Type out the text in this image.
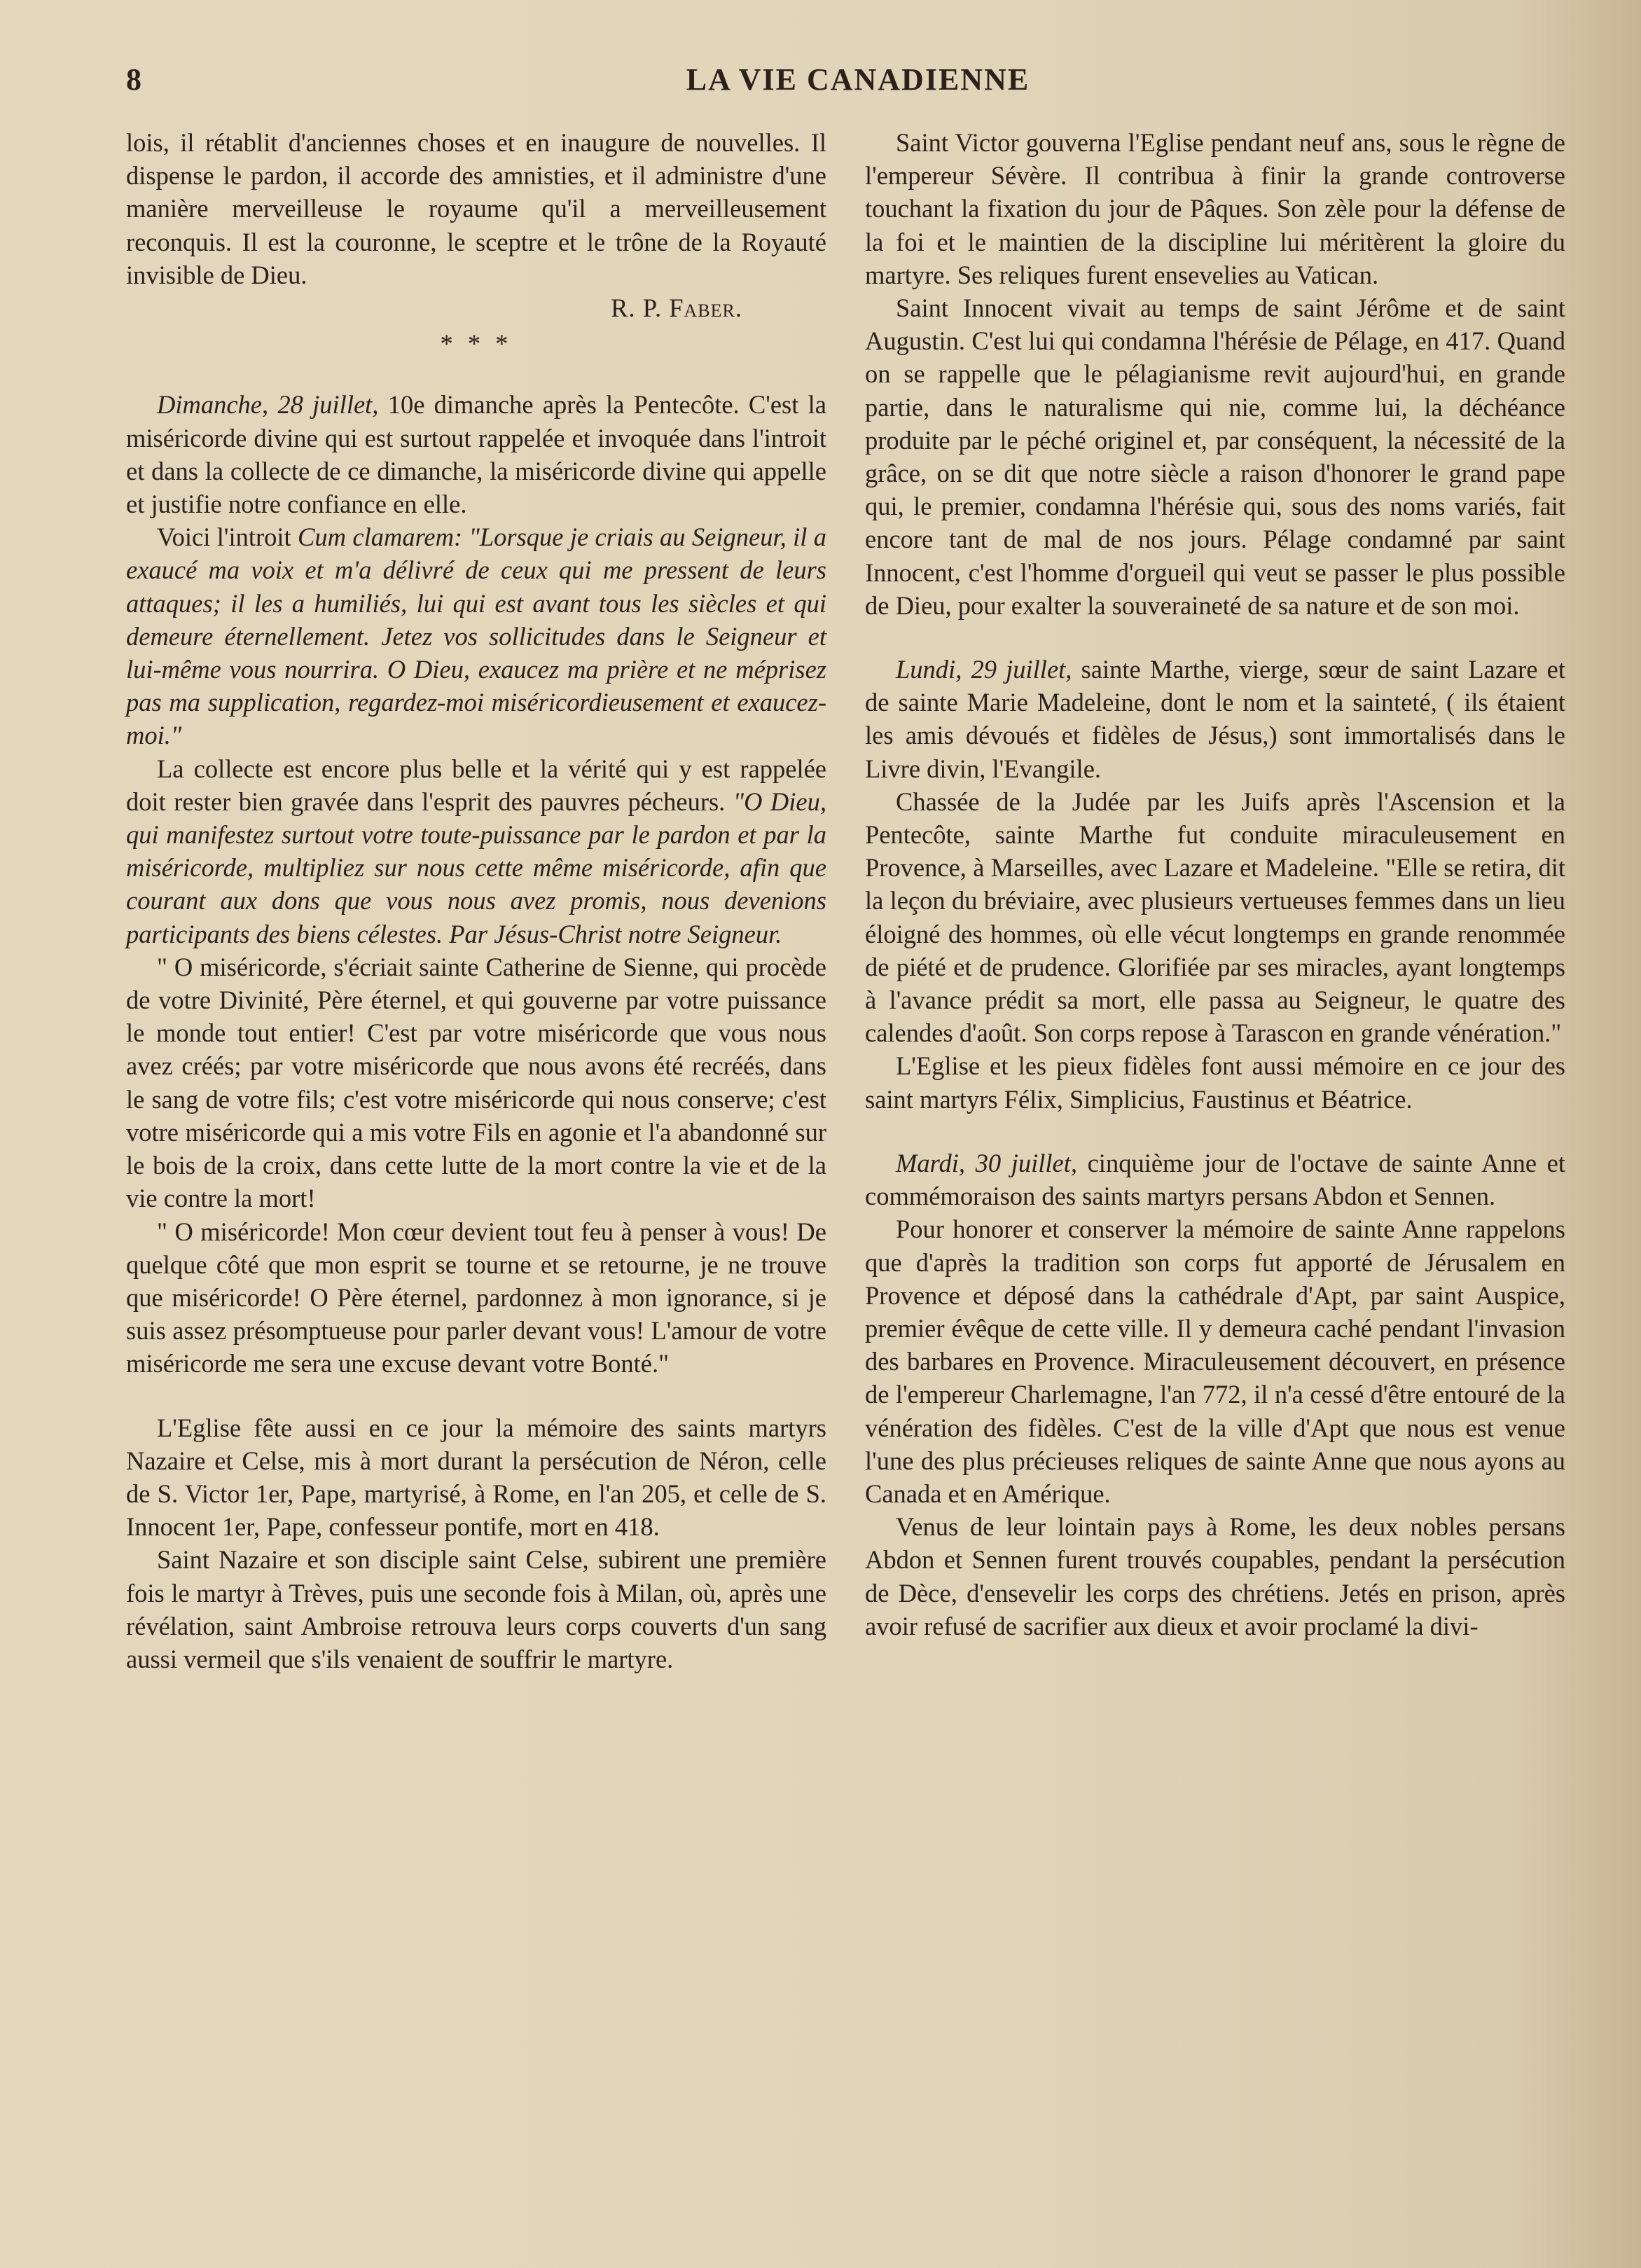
8	LA VIE CANADIENNE

lois, il rétablit d'anciennes choses et en inaugure de nouvelles. Il dispense le pardon, il accorde des amnisties, et il administre d'une manière merveilleuse le royaume qu'il a merveilleusement reconquis. Il est la couronne, le sceptre et le trône de la Royauté invisible de Dieu.

R. P. Faber.

* * *

Dimanche, 28 juillet, 10e dimanche après la Pentecôte. C'est la miséricorde divine qui est surtout rappelée et invoquée dans l'introit et dans la collecte de ce dimanche, la miséricorde divine qui appelle et justifie notre confiance en elle.

Voici l'introit Cum clamarem: "Lorsque je criais au Seigneur, il a exaucé ma voix et m'a délivré de ceux qui me pressent de leurs attaques; il les a humiliés, lui qui est avant tous les siècles et qui demeure éternellement. Jetez vos sollicitudes dans le Seigneur et lui-même vous nourrira. O Dieu, exaucez ma prière et ne méprisez pas ma supplication, regardez-moi miséricordieusement et exaucez-moi."

La collecte est encore plus belle et la vérité qui y est rappelée doit rester bien gravée dans l'esprit des pauvres pécheurs. "O Dieu, qui manifestez surtout votre toute-puissance par le pardon et par la miséricorde, multipliez sur nous cette même miséricorde, afin que courant aux dons que vous nous avez promis, nous devenions participants des biens célestes. Par Jésus-Christ notre Seigneur.

" O miséricorde, s'écriait sainte Catherine de Sienne, qui procède de votre Divinité, Père éternel, et qui gouverne par votre puissance le monde tout entier! C'est par votre miséricorde que vous nous avez créés; par votre miséricorde que nous avons été recréés, dans le sang de votre fils; c'est votre miséricorde qui nous conserve; c'est votre miséricorde qui a mis votre Fils en agonie et l'a abandonné sur le bois de la croix, dans cette lutte de la mort contre la vie et de la vie contre la mort!

" O miséricorde! Mon cœur devient tout feu à penser à vous! De quelque côté que mon esprit se tourne et se retourne, je ne trouve que miséricorde! O Père éternel, pardonnez à mon ignorance, si je suis assez présomptueuse pour parler devant vous! L'amour de votre miséricorde me sera une excuse devant votre Bonté."

L'Eglise fête aussi en ce jour la mémoire des saints martyrs Nazaire et Celse, mis à mort durant la persécution de Néron, celle de S. Victor 1er, Pape, martyrisé, à Rome, en l'an 205, et celle de S. Innocent 1er, Pape, confesseur pontife, mort en 418.

Saint Nazaire et son disciple saint Celse, subirent une première fois le martyr à Trèves, puis une seconde fois à Milan, où, après une révélation, saint Ambroise retrouva leurs corps couverts d'un sang aussi vermeil que s'ils venaient de souffrir le martyre.

Saint Victor gouverna l'Eglise pendant neuf ans, sous le règne de l'empereur Sévère. Il contribua à finir la grande controverse touchant la fixation du jour de Pâques. Son zèle pour la défense de la foi et le maintien de la discipline lui méritèrent la gloire du martyre. Ses reliques furent ensevelies au Vatican.

Saint Innocent vivait au temps de saint Jérôme et de saint Augustin. C'est lui qui condamna l'hérésie de Pélage, en 417. Quand on se rappelle que le pélagianisme revit aujourd'hui, en grande partie, dans le naturalisme qui nie, comme lui, la déchéance produite par le péché originel et, par conséquent, la nécessité de la grâce, on se dit que notre siècle a raison d'honorer le grand pape qui, le premier, condamna l'hérésie qui, sous des noms variés, fait encore tant de mal de nos jours. Pélage condamné par saint Innocent, c'est l'homme d'orgueil qui veut se passer le plus possible de Dieu, pour exalter la souveraineté de sa nature et de son moi.

Lundi, 29 juillet, sainte Marthe, vierge, sœur de saint Lazare et de sainte Marie Madeleine, dont le nom et la sainteté, ( ils étaient les amis dévoués et fidèles de Jésus,) sont immortalisés dans le Livre divin, l'Evangile.

Chassée de la Judée par les Juifs après l'Ascension et la Pentecôte, sainte Marthe fut conduite miraculeusement en Provence, à Marseilles, avec Lazare et Madeleine. "Elle se retira, dit la leçon du bréviaire, avec plusieurs vertueuses femmes dans un lieu éloigné des hommes, où elle vécut longtemps en grande renommée de piété et de prudence. Glorifiée par ses miracles, ayant longtemps à l'avance prédit sa mort, elle passa au Seigneur, le quatre des calendes d'août. Son corps repose à Tarascon en grande vénération."

L'Eglise et les pieux fidèles font aussi mémoire en ce jour des saint martyrs Félix, Simplicius, Faustinus et Béatrice.

Mardi, 30 juillet, cinquième jour de l'octave de sainte Anne et commémoraison des saints martyrs persans Abdon et Sennen.

Pour honorer et conserver la mémoire de sainte Anne rappelons que d'après la tradition son corps fut apporté de Jérusalem en Provence et déposé dans la cathédrale d'Apt, par saint Auspice, premier évêque de cette ville. Il y demeura caché pendant l'invasion des barbares en Provence. Miraculeusement découvert, en présence de l'empereur Charlemagne, l'an 772, il n'a cessé d'être entouré de la vénération des fidèles. C'est de la ville d'Apt que nous est venue l'une des plus précieuses reliques de sainte Anne que nous ayons au Canada et en Amérique.

Venus de leur lointain pays à Rome, les deux nobles persans Abdon et Sennen furent trouvés coupables, pendant la persécution de Dèce, d'ensevelir les corps des chrétiens. Jetés en prison, après avoir refusé de sacrifier aux dieux et avoir proclamé la divi-
